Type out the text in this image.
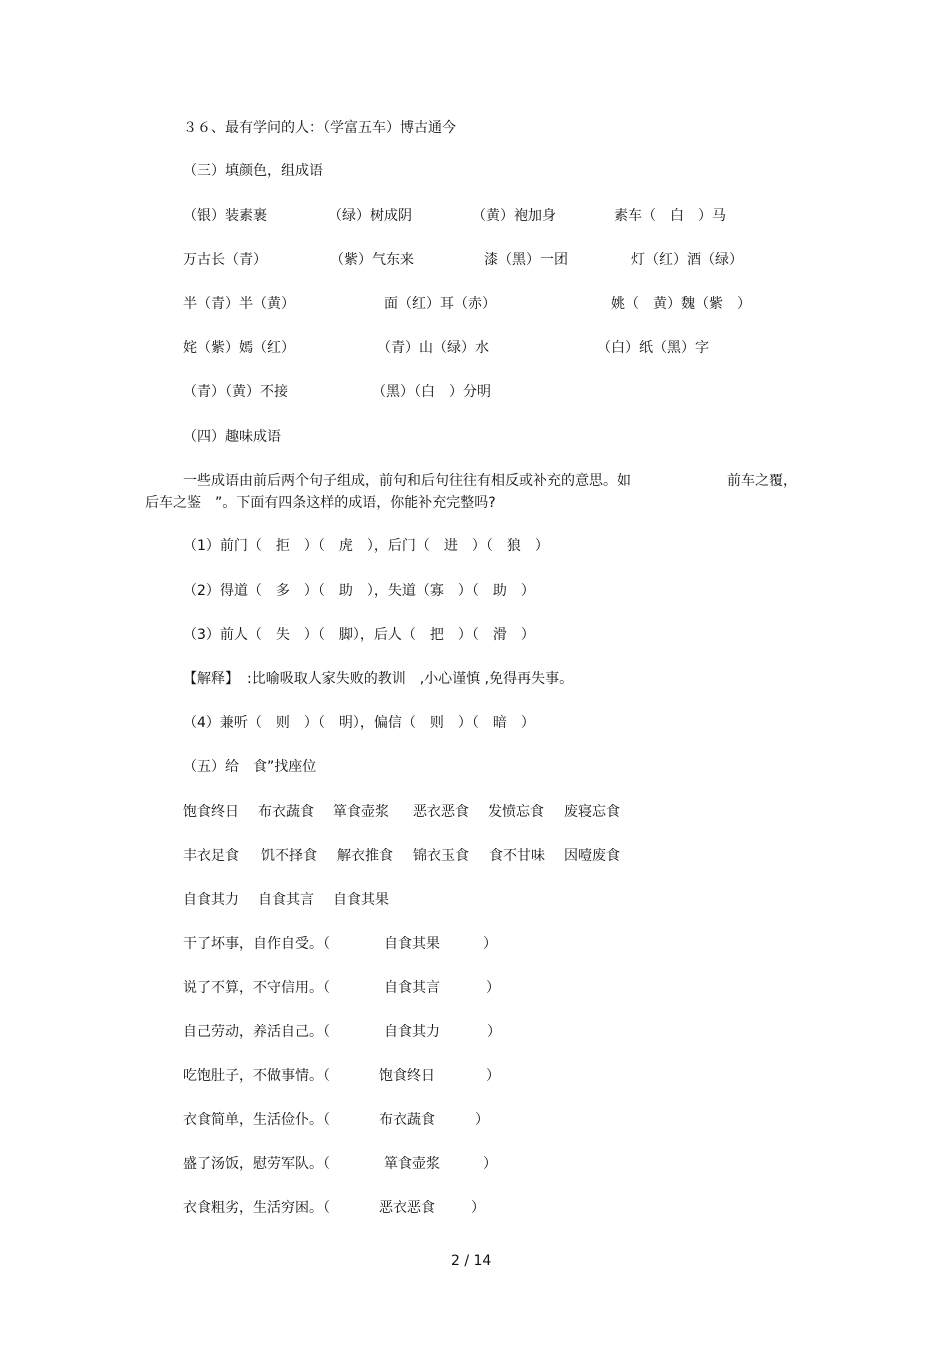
３６、最有学问的人：（学富五车）博古通今
（三）填颜色，组成语
（银）装素裹	（绿）树成阴	（黄）袍加身	素车（　白　）马
万古长（青）	（紫）气东来	漆（黑）一团	灯（红）酒（绿）
半（青）半（黄）	面（红）耳（赤）	姚（　黄）魏（紫　）
姹（紫）嫣（红）	（青）山（绿）水	（白）纸（黑）字
（青）（黄）不接	（黑）（白　）分明
（四）趣味成语
一些成语由前后两个句子组成，前句和后句往往有相反或补充的意思。如	前车之覆，
后车之鉴　”。下面有四条这样的成语，你能补充完整吗?
（1）前门（　拒　）（　虎　），后门（　进　）（　狼　）
（2）得道（　多　）（　助　），失道（寡　）（　助　）
（3）前人（　失　）（　脚），后人（　把　）（　滑　）
【解释】 :比喻吸取人家失败的教训　,小心谨慎 ,免得再失事。
（4）兼听（　则　）（　明），偏信（　则　）（　暗　）
（五）给　食”找座位
饱食终日 布衣蔬食 箪食壶浆 恶衣恶食 发愤忘食 废寝忘食
丰衣足食 饥不择食 解衣推食 锦衣玉食 食不甘味 因噎废食
自食其力 自食其言 自食其果
干了坏事，自作自受。（	自食其果	）
说了不算，不守信用。（	自食其言	）
自己劳动，养活自己。（	自食其力	）
吃饱肚子，不做事情。（	饱食终日	）
衣食简单，生活俭仆。（	布衣蔬食	）
盛了汤饭，慰劳军队。（	箪食壶浆	）
衣食粗劣，生活穷困。（	恶衣恶食	）
2 / 14
